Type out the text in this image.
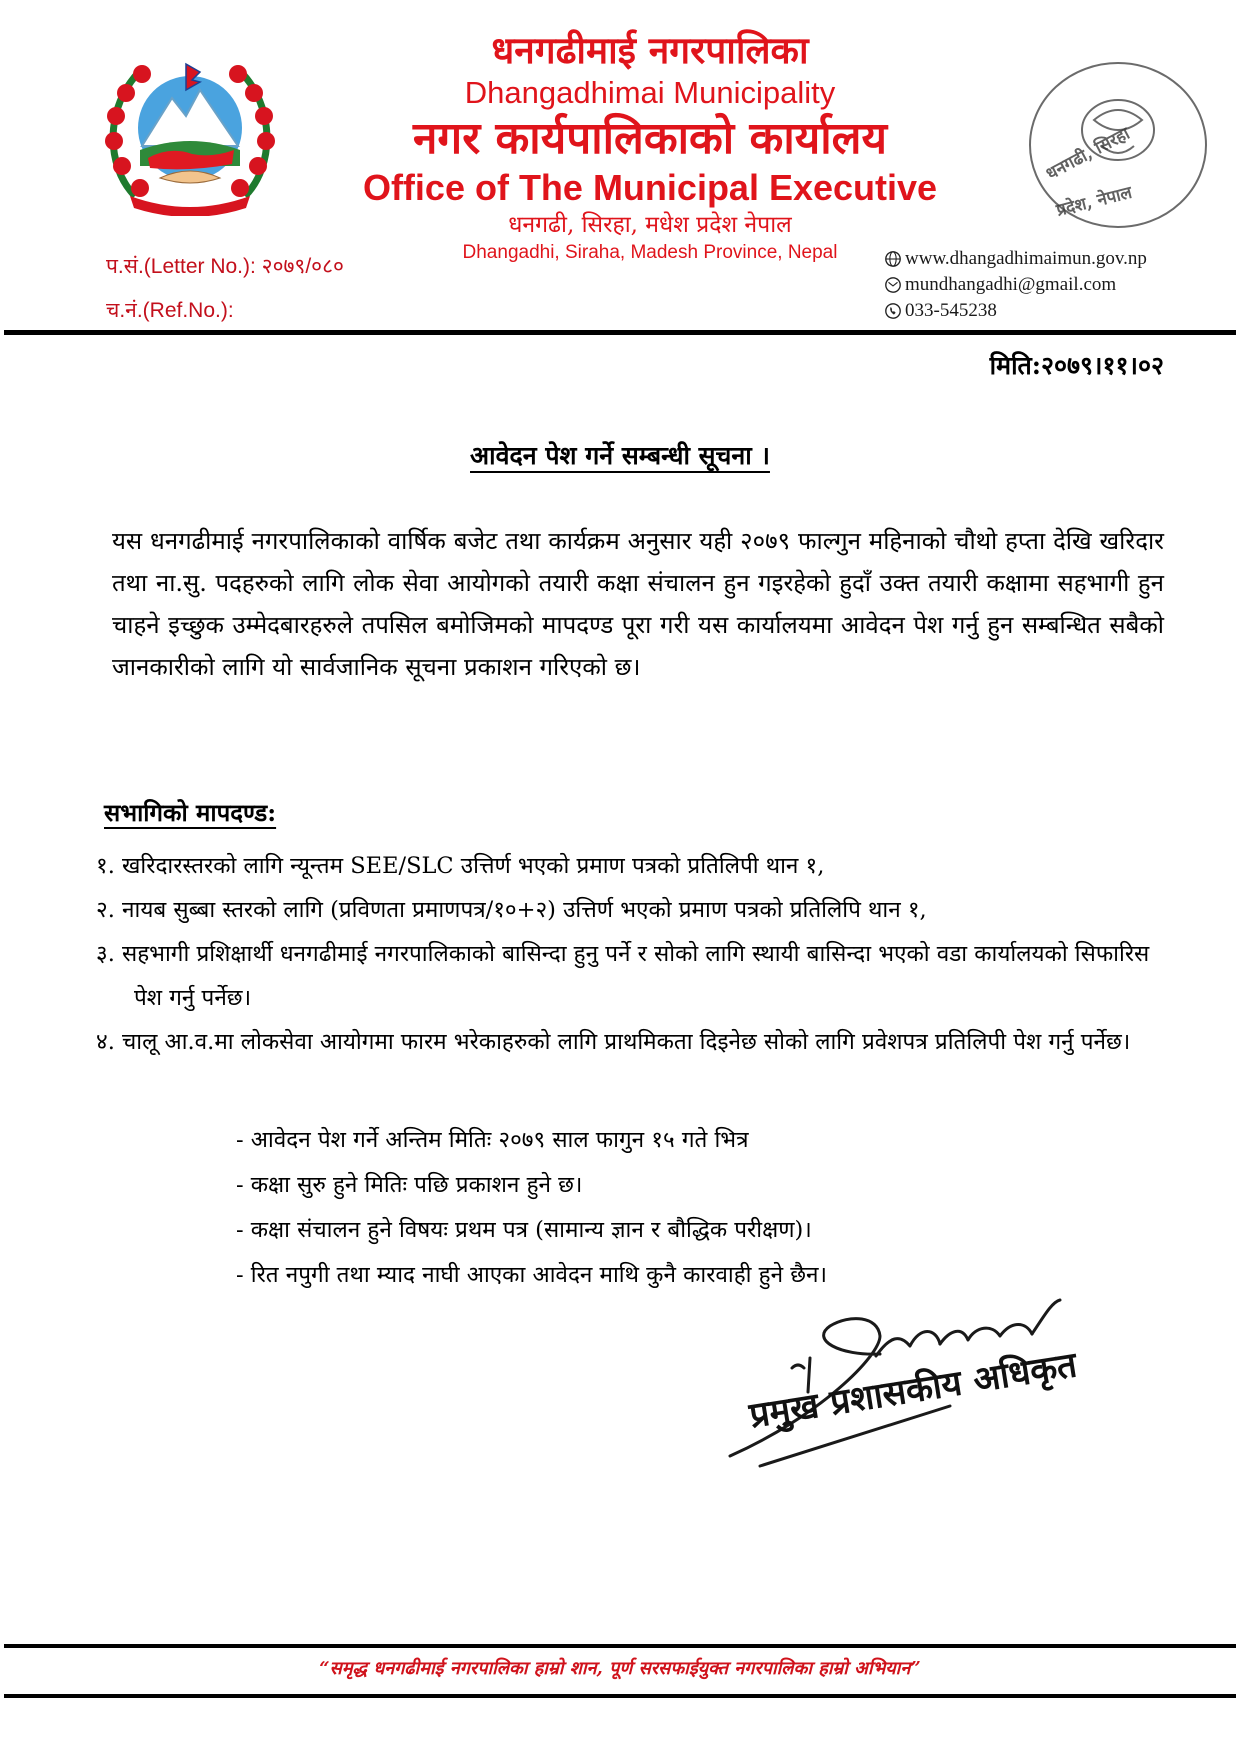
धनगढीमाई नगरपालिका
Dhangadhimai Municipality
नगर कार्यपालिकाको कार्यालय
Office of The Municipal Executive
धनगढी, सिरहा, मधेश प्रदेश नेपाल
Dhangadhi, Siraha, Madesh Province, Nepal
धनगढी, सिरहा
प्रदेश, नेपाल
प.सं.(Letter No.): २०७९/०८०
च.नं.(Ref.No.):
www.dhangadhimaimun.gov.np
mundhangadhi@gmail.com
033-545238
मिति:२०७९।११।०२
आवेदन पेश गर्ने सम्बन्धी सूचना ।

यस धनगढीमाई नगरपालिकाको वार्षिक बजेट तथा कार्यक्रम अनुसार यही २०७९ फाल्गुन महिनाको चौथो हप्ता देखि खरिदार तथा ना.सु. पदहरुको लागि लोक सेवा आयोगको तयारी कक्षा संचालन हुन गइरहेको हुदाँ उक्त तयारी कक्षामा सहभागी हुन चाहने इच्छुक उम्मेदबारहरुले तपसिल बमोजिमको मापदण्ड पूरा गरी यस कार्यालयमा आवेदन पेश गर्नु हुन सम्बन्धित सबैको जानकारीको लागि यो सार्वजानिक सूचना प्रकाशन गरिएको छ।

सभागिको मापदण्ड:
१. खरिदारस्तरको लागि न्यून्तम SEE/SLC उत्तिर्ण भएको प्रमाण पत्रको प्रतिलिपी थान १,
२. नायब सुब्बा स्तरको लागि (प्रविणता प्रमाणपत्र/१०+२) उत्तिर्ण भएको प्रमाण पत्रको प्रतिलिपि थान १,
३. सहभागी प्रशिक्षार्थी धनगढीमाई नगरपालिकाको बासिन्दा हुनु पर्ने र सोको लागि स्थायी बासिन्दा भएको वडा कार्यालयको सिफारिस पेश गर्नु पर्नेछ।
४. चालू आ.व.मा लोकसेवा आयोगमा फारम भरेकाहरुको लागि प्राथमिकता दिइनेछ सोको लागि प्रवेशपत्र प्रतिलिपी पेश गर्नु पर्नेछ।
- आवेदन पेश गर्ने अन्तिम मितिः २०७९ साल फागुन १५ गते भित्र
- कक्षा सुरु हुने मितिः पछि प्रकाशन हुने छ।
- कक्षा संचालन हुने विषयः प्रथम पत्र (सामान्य ज्ञान र बौद्धिक परीक्षण)।
- रित नपुगी तथा म्याद नाघी आएका आवेदन माथि कुनै कारवाही हुने छैन।
प्रमुख प्रशासकीय अधिकृत
“समृद्ध धनगढीमाई नगरपालिका हाम्रो शान, पूर्ण सरसफाईयुक्त नगरपालिका हाम्रो अभियान”
